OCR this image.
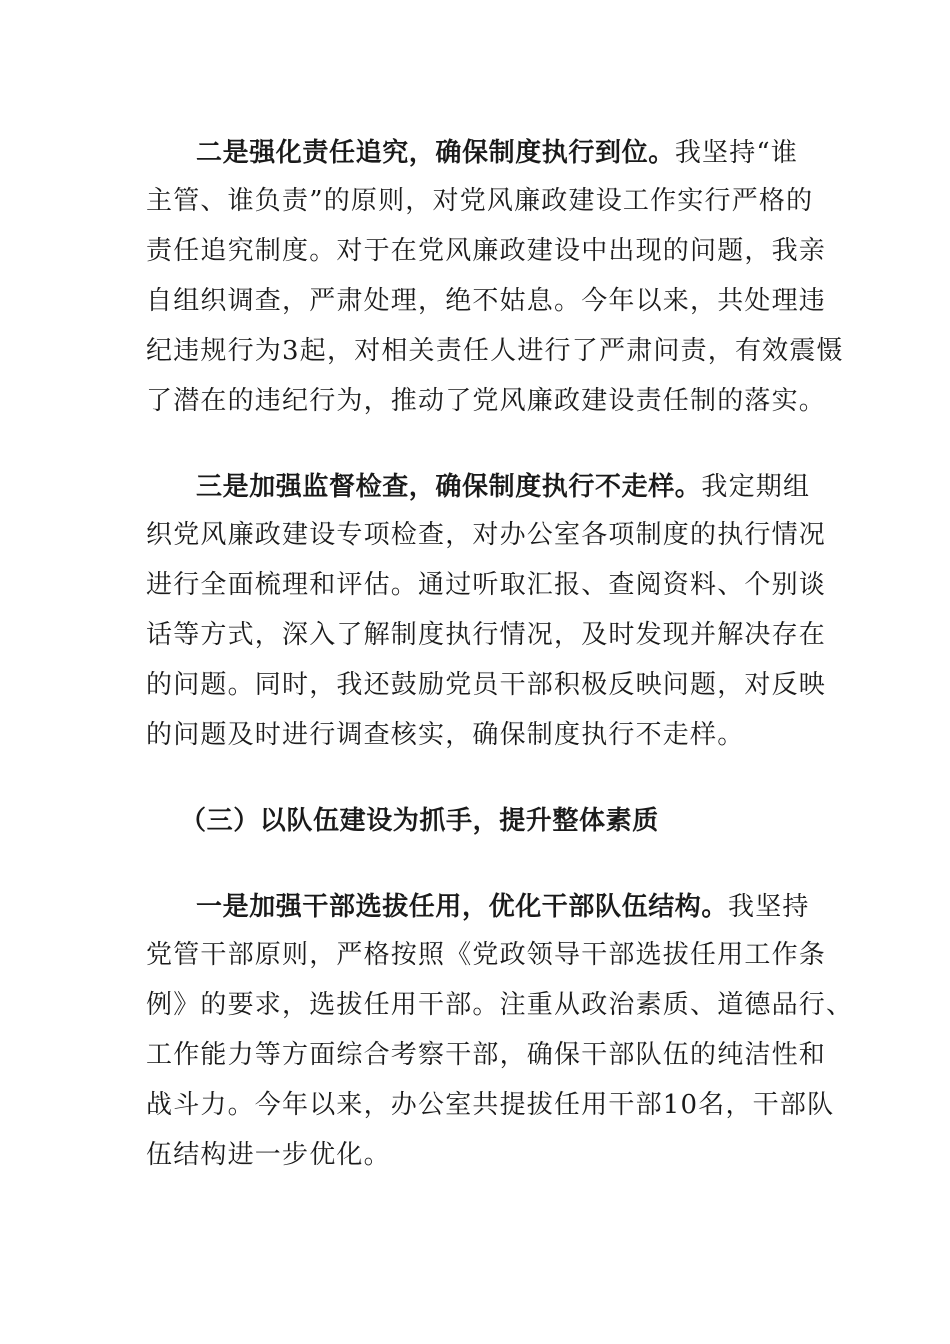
二是强化责任追究，确保制度执行到位。我坚持“谁
主管、谁负责”的原则，对党风廉政建设工作实行严格的
责任追究制度。对于在党风廉政建设中出现的问题，我亲
自组织调查，严肃处理，绝不姑息。今年以来，共处理违
纪违规行为3起，对相关责任人进行了严肃问责，有效震慑
了潜在的违纪行为，推动了党风廉政建设责任制的落实。
三是加强监督检查，确保制度执行不走样。我定期组
织党风廉政建设专项检查，对办公室各项制度的执行情况
进行全面梳理和评估。通过听取汇报、查阅资料、个别谈
话等方式，深入了解制度执行情况，及时发现并解决存在
的问题。同时，我还鼓励党员干部积极反映问题，对反映
的问题及时进行调查核实，确保制度执行不走样。
（三）以队伍建设为抓手，提升整体素质
一是加强干部选拔任用，优化干部队伍结构。我坚持
党管干部原则，严格按照《党政领导干部选拔任用工作条
例》的要求，选拔任用干部。注重从政治素质、道德品行、
工作能力等方面综合考察干部，确保干部队伍的纯洁性和
战斗力。今年以来，办公室共提拔任用干部10名，干部队
伍结构进一步优化。
